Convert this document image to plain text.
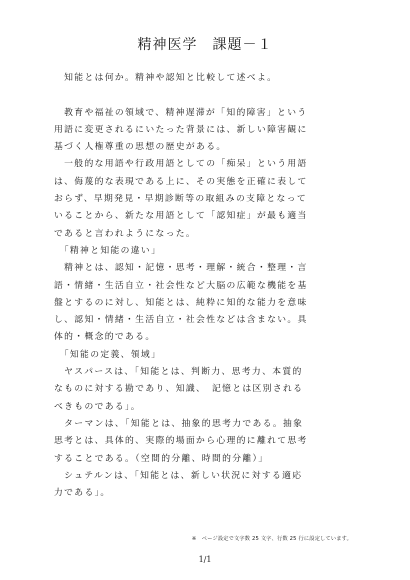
精神医学　課題－１
　知能とは何か。精神や認知と比較して述べよ。
　教育や福祉の領域で、精神遅滞が「知的障害」という
用語に変更されるにいたった背景には、新しい障害観に
基づく人権尊重の思想の歴史がある。
　一般的な用語や行政用語としての「痴呆」という用語
は、侮蔑的な表現である上に、その実態を正確に表して
おらず、早期発見・早期診断等の取組みの支障となって
いることから、新たな用語として「認知症」が最も適当
であると言われようになった。
　「精神と知能の違い」
　精神とは、認知・記憶・思考・理解・統合・整理・言
語・情緒・生活自立・社会性など大脳の広範な機能を基
盤とするのに対し、知能とは、純粋に知的な能力を意味
し、認知・情緒・生活自立・社会性などは含まない。具
体的・概念的である。
　「知能の定義、領域」
　ヤスパースは、「知能とは、判断力、思考力、本質的
なものに対する勘であり、知識、　記憶とは区別される
べきものである」。
　ターマンは、「知能とは、抽象的思考力である。抽象
思考とは、具体的、実際的場面から心理的に離れて思考
することである。（空間的分離、時間的分離）」
　シュテルンは、「知能とは、新しい状況に対する適応
力である」。
※　ページ設定で文字数 25 文字、行数 25 行に設定しています。
1/1
